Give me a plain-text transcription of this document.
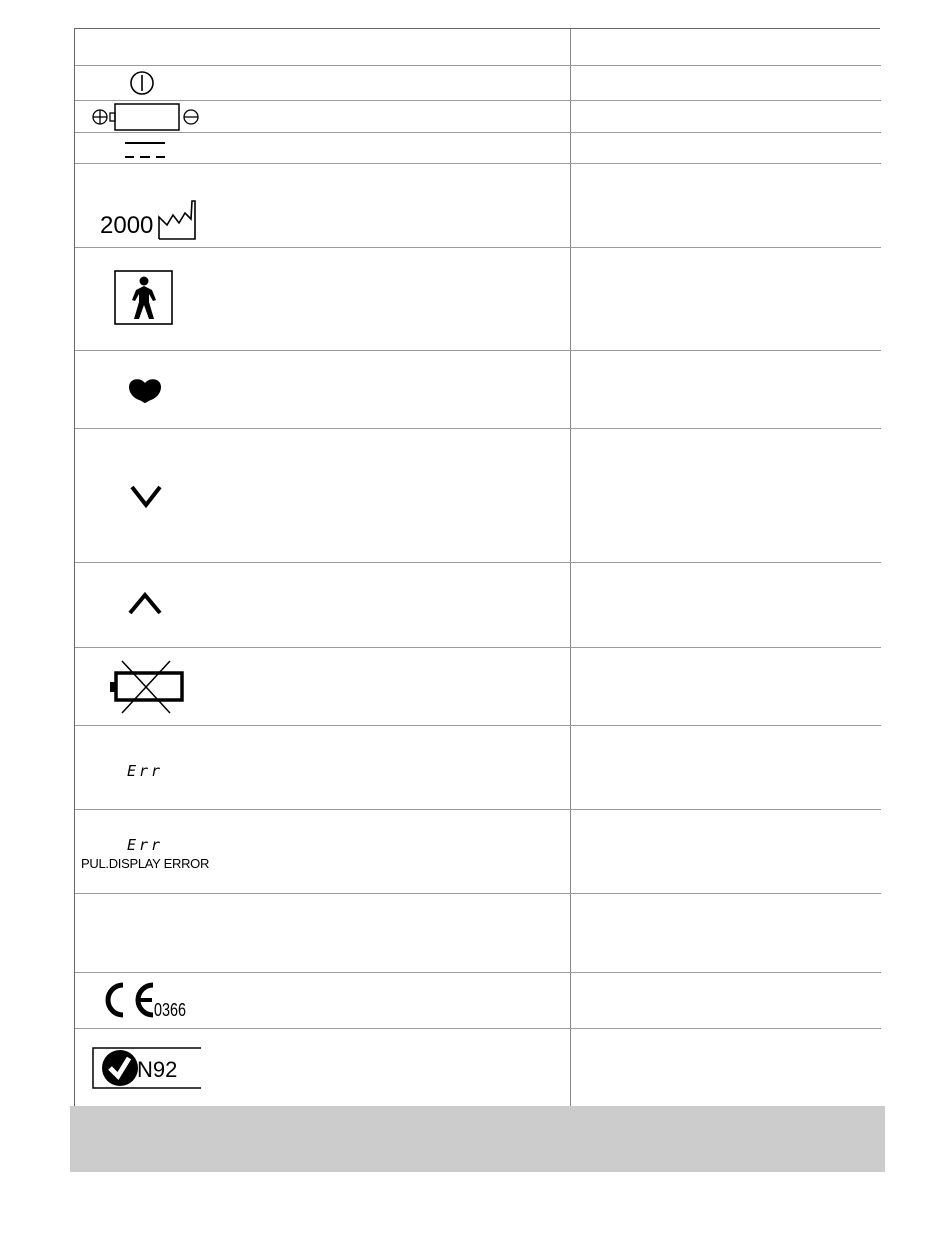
2000
Err
Err
PUL.DISPLAY ERROR
0366
N92
